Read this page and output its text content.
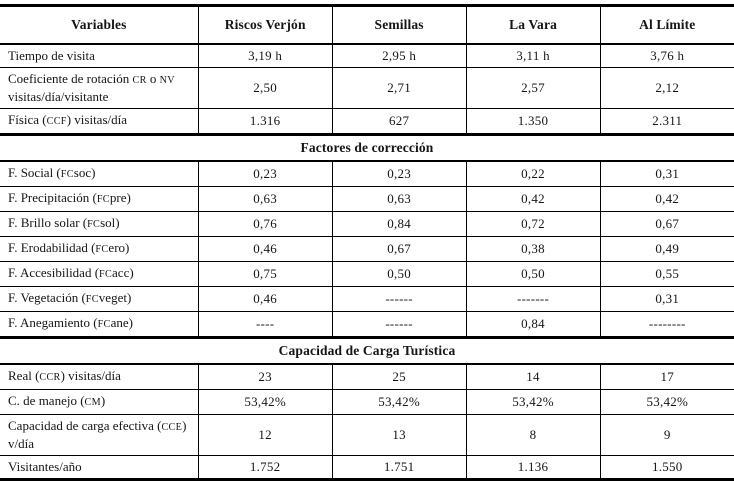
Variables	Riscos Verjón	Semillas	La Vara	Al Límite
Tiempo de visita	3,19 h	2,95 h	3,11 h	3,76 h
Coeficiente de rotación CR o NV visitas/día/visitante	2,50	2,71	2,57	2,12
Física (CCF) visitas/día	1.316	627	1.350	2.311
Factores de corrección				
F. Social (FCsoc)	0,23	0,23	0,22	0,31
F. Precipitación (FCpre)	0,63	0,63	0,42	0,42
F. Brillo solar (FCsol)	0,76	0,84	0,72	0,67
F. Erodabilidad (FCero)	0,46	0,67	0,38	0,49
F. Accesibilidad (FCacc)	0,75	0,50	0,50	0,55
F. Vegetación (FCveget)	0,46	------	-------	0,31
F. Anegamiento (FCane)	----	------	0,84	--------
Capacidad de Carga Turística				
Real (CCR) visitas/día	23	25	14	17
C. de manejo (CM)	53,42%	53,42%	53,42%	53,42%
Capacidad de carga efectiva (CCE) v/día	12	13	8	9
Visitantes/año	1.752	1.751	1.136	1.550
